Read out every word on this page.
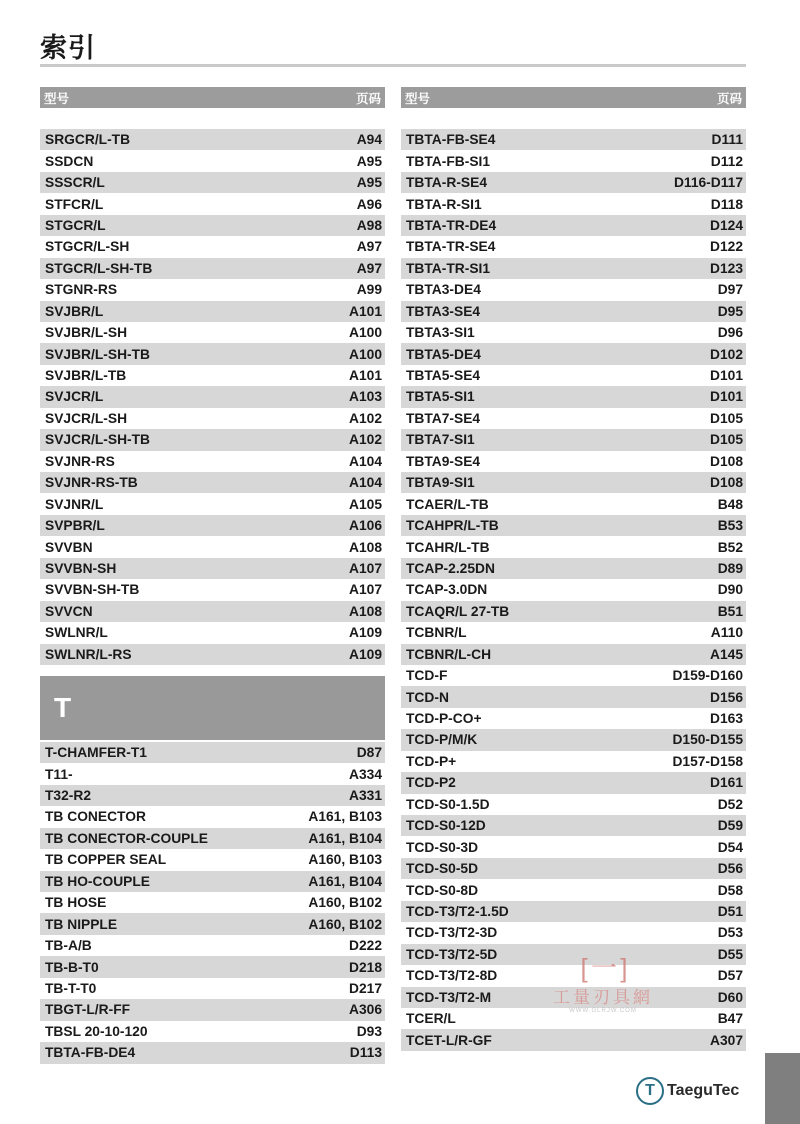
索引
型号	页码
SRGCR/L-TB	A94
SSDCN	A95
SSSCR/L	A95
STFCR/L	A96
STGCR/L	A98
STGCR/L-SH	A97
STGCR/L-SH-TB	A97
STGNR-RS	A99
SVJBR/L	A101
SVJBR/L-SH	A100
SVJBR/L-SH-TB	A100
SVJBR/L-TB	A101
SVJCR/L	A103
SVJCR/L-SH	A102
SVJCR/L-SH-TB	A102
SVJNR-RS	A104
SVJNR-RS-TB	A104
SVJNR/L	A105
SVPBR/L	A106
SVVBN	A108
SVVBN-SH	A107
SVVBN-SH-TB	A107
SVVCN	A108
SWLNR/L	A109
SWLNR/L-RS	A109
T
T-CHAMFER-T1	D87
T11-	A334
T32-R2	A331
TB CONECTOR	A161, B103
TB CONECTOR-COUPLE	A161, B104
TB COPPER SEAL	A160, B103
TB HO-COUPLE	A161, B104
TB HOSE	A160, B102
TB NIPPLE	A160, B102
TB-A/B	D222
TB-B-T0	D218
TB-T-T0	D217
TBGT-L/R-FF	A306
TBSL 20-10-120	D93
TBTA-FB-DE4	D113
型号	页码
TBTA-FB-SE4	D111
TBTA-FB-SI1	D112
TBTA-R-SE4	D116-D117
TBTA-R-SI1	D118
TBTA-TR-DE4	D124
TBTA-TR-SE4	D122
TBTA-TR-SI1	D123
TBTA3-DE4	D97
TBTA3-SE4	D95
TBTA3-SI1	D96
TBTA5-DE4	D102
TBTA5-SE4	D101
TBTA5-SI1	D101
TBTA7-SE4	D105
TBTA7-SI1	D105
TBTA9-SE4	D108
TBTA9-SI1	D108
TCAER/L-TB	B48
TCAHPR/L-TB	B53
TCAHR/L-TB	B52
TCAP-2.25DN	D89
TCAP-3.0DN	D90
TCAQR/L 27-TB	B51
TCBNR/L	A110
TCBNR/L-CH	A145
TCD-F	D159-D160
TCD-N	D156
TCD-P-CO+	D163
TCD-P/M/K	D150-D155
TCD-P+	D157-D158
TCD-P2	D161
TCD-S0-1.5D	D52
TCD-S0-12D	D59
TCD-S0-3D	D54
TCD-S0-5D	D56
TCD-S0-8D	D58
TCD-T3/T2-1.5D	D51
TCD-T3/T2-3D	D53
TCD-T3/T2-5D	D55
TCD-T3/T2-8D	D57
TCD-T3/T2-M	D60
TCER/L	B47
TCET-L/R-GF	A307
[ 一 ]
工量刃具網
WWW.GLRJW.COM
T TaeguTec
